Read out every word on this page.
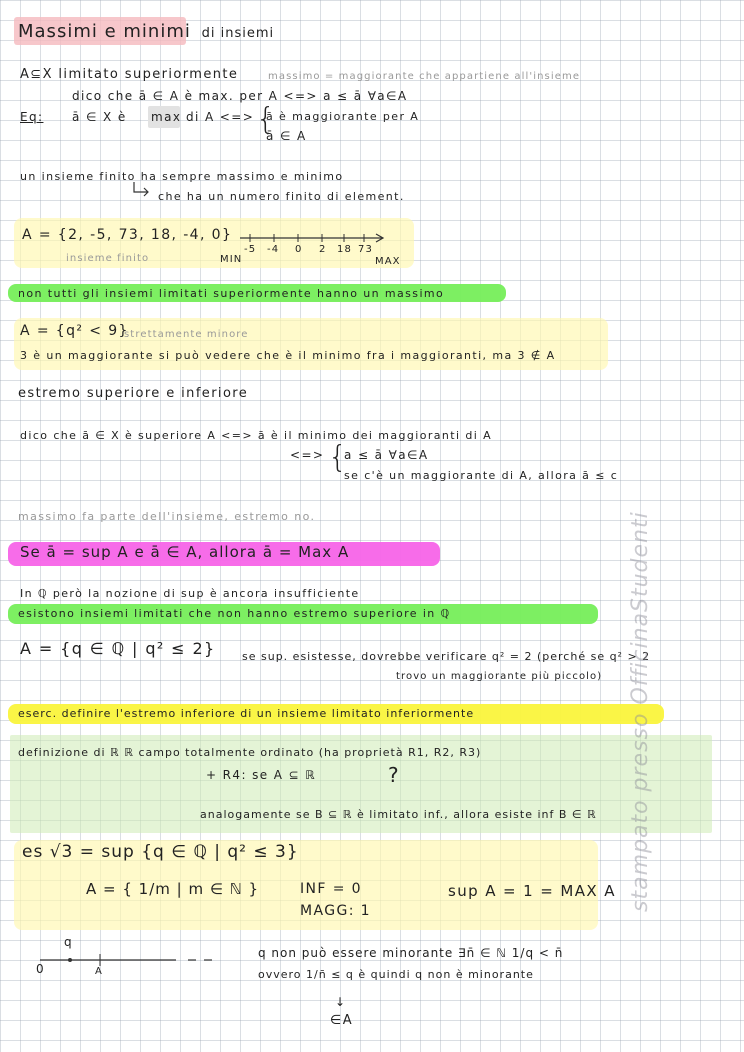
Massimi e minimi di insiemi
A⊆X limitato superiormente	massimo = maggiorante che appartiene all'insieme
dico che ā ∈ A è max. per A <=> a ≤ ā ∀a∈A
Eq: ā ∈ X è max di A <=> {
ā è maggiorante per A
ā ∈ A
un insieme finito ha sempre massimo e minimo
che ha un numero finito di element.
A = {2, -5, 73, 18, -4, 0}
insieme finito
-5 -4 0 2 18 73
MIN	MAX
non tutti gli insiemi limitati superiormente hanno un massimo
A = {q² < 9}
strettamente minore
3 è un maggiorante si può vedere che è il minimo fra i maggioranti, ma 3 ∉ A
estremo superiore e inferiore
dico che ā ∈ X è superiore A <=> ā è il minimo dei maggioranti di A
<=> {
a ≤ ā ∀a∈A
se c'è un maggiorante di A, allora ā ≤ c
massimo fa parte dell'insieme, estremo no.
Se ā = sup A e ā ∈ A, allora ā = Max A
In ℚ però la nozione di sup è ancora insufficiente
esistono insiemi limitati che non hanno estremo superiore in ℚ
A = {q ∈ ℚ | q² ≤ 2} se sup. esistesse, dovrebbe verificare q² = 2 (perché se q² > 2
trovo un maggiorante più piccolo)
eserc. definire l'estremo inferiore di un insieme limitato inferiormente
definizione di ℝ ℝ campo totalmente ordinato (ha proprietà R1, R2, R3)
+ R4: se A ⊆ ℝ	?
analogamente se B ⊆ ℝ è limitato inf., allora esiste inf B ∈ ℝ
es √3 = sup {q ∈ ℚ | q² ≤ 3}
A = { 1/m | m ∈ ℕ }	INF = 0
MAGG: 1
sup A = 1 = MAX A
0
q
A
q non può essere minorante ∃n̄ ∈ ℕ 1/q < n̄
ovvero 1/n̄ ≤ q è quindi q non è minorante
↓
∈A
stampato presso OfficinaStudenti
